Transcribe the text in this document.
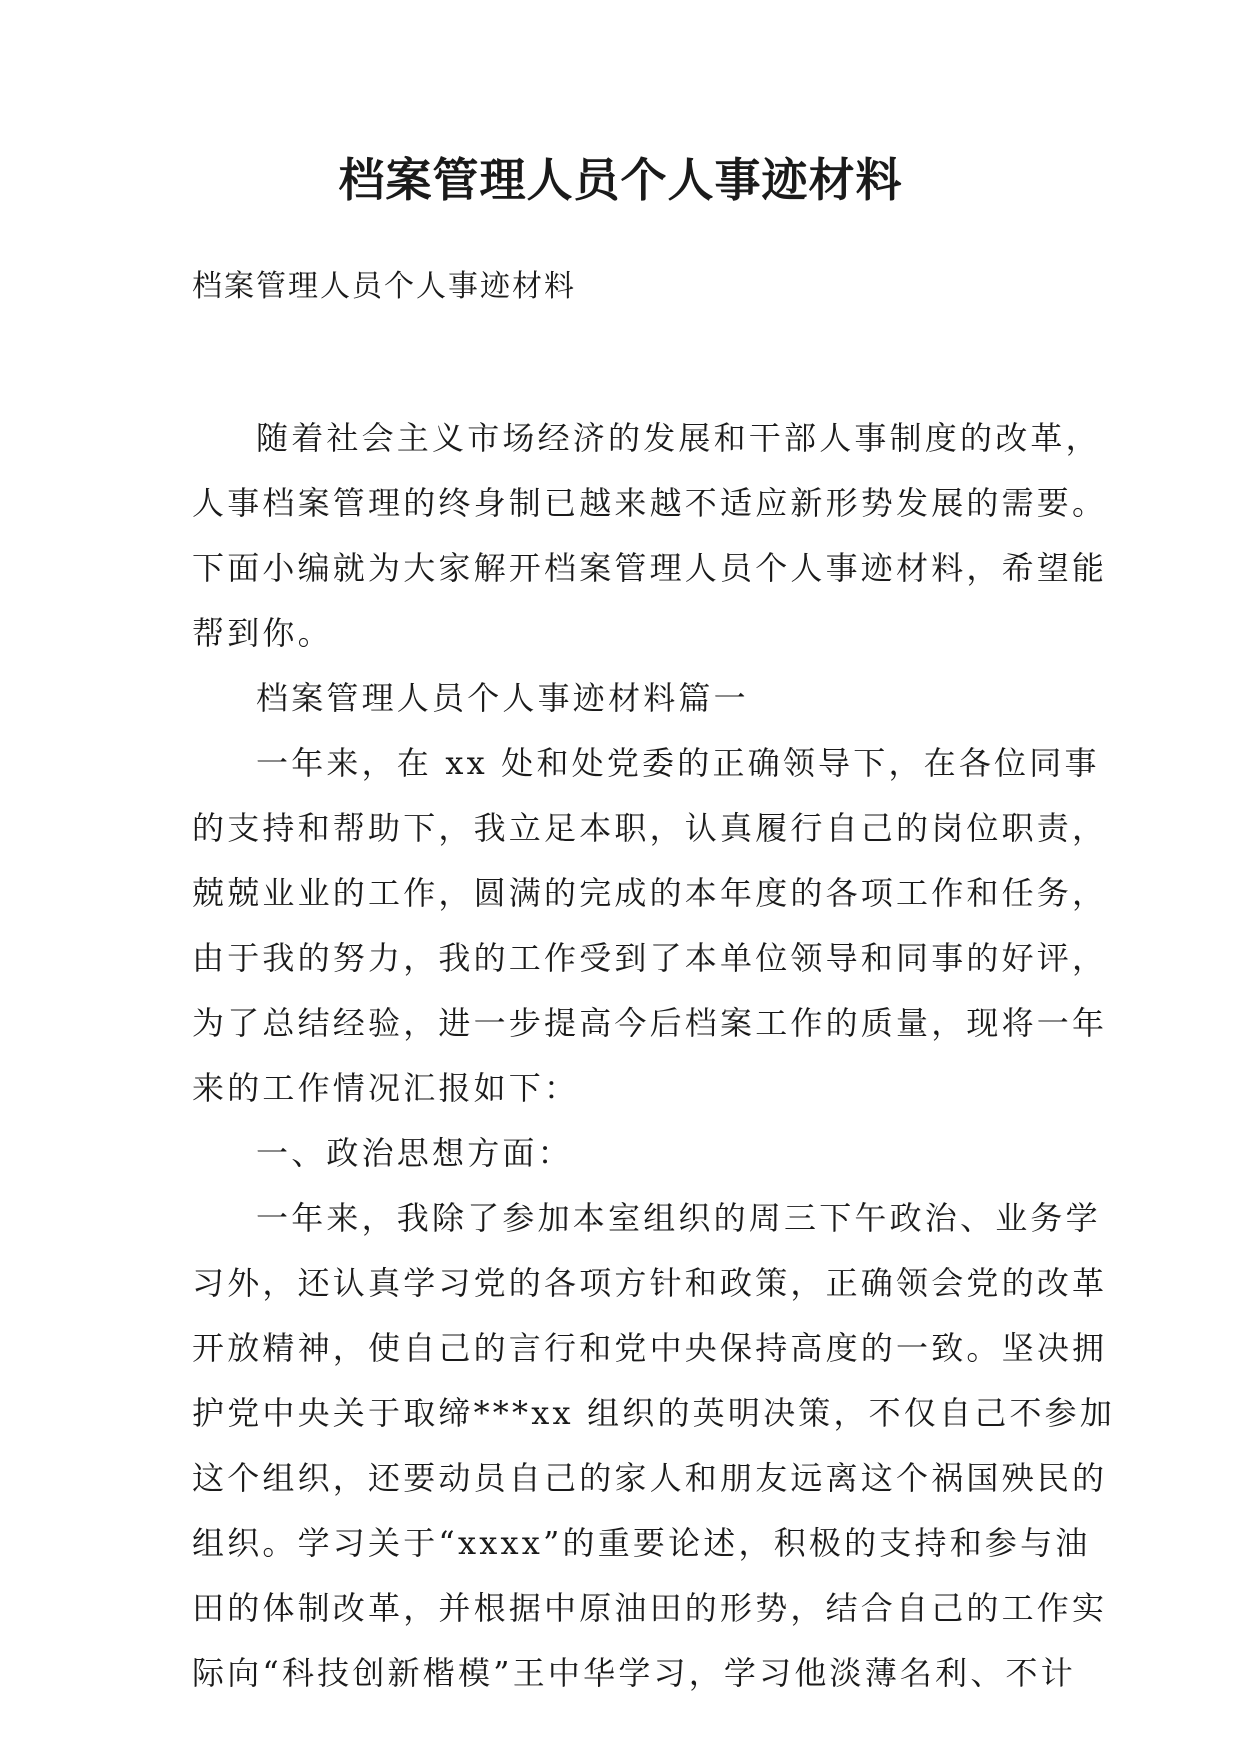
档案管理人员个人事迹材料

档案管理人员个人事迹材料

随着社会主义市场经济的发展和干部人事制度的改革，
人事档案管理的终身制已越来越不适应新形势发展的需要。
下面小编就为大家解开档案管理人员个人事迹材料，希望能
帮到你。
档案管理人员个人事迹材料篇一
一年来，在 xx 处和处党委的正确领导下，在各位同事
的支持和帮助下，我立足本职，认真履行自己的岗位职责，
兢兢业业的工作，圆满的完成的本年度的各项工作和任务，
由于我的努力，我的工作受到了本单位领导和同事的好评，
为了总结经验，进一步提高今后档案工作的质量，现将一年
来的工作情况汇报如下：
一、政治思想方面：
一年来，我除了参加本室组织的周三下午政治、业务学
习外，还认真学习党的各项方针和政策，正确领会党的改革
开放精神，使自己的言行和党中央保持高度的一致。坚决拥
护党中央关于取缔***xx 组织的英明决策，不仅自己不参加
这个组织，还要动员自己的家人和朋友远离这个祸国殃民的
组织。学习关于“xxxx”的重要论述，积极的支持和参与油
田的体制改革，并根据中原油田的形势，结合自己的工作实
际向“科技创新楷模”王中华学习，学习他淡薄名利、不计
